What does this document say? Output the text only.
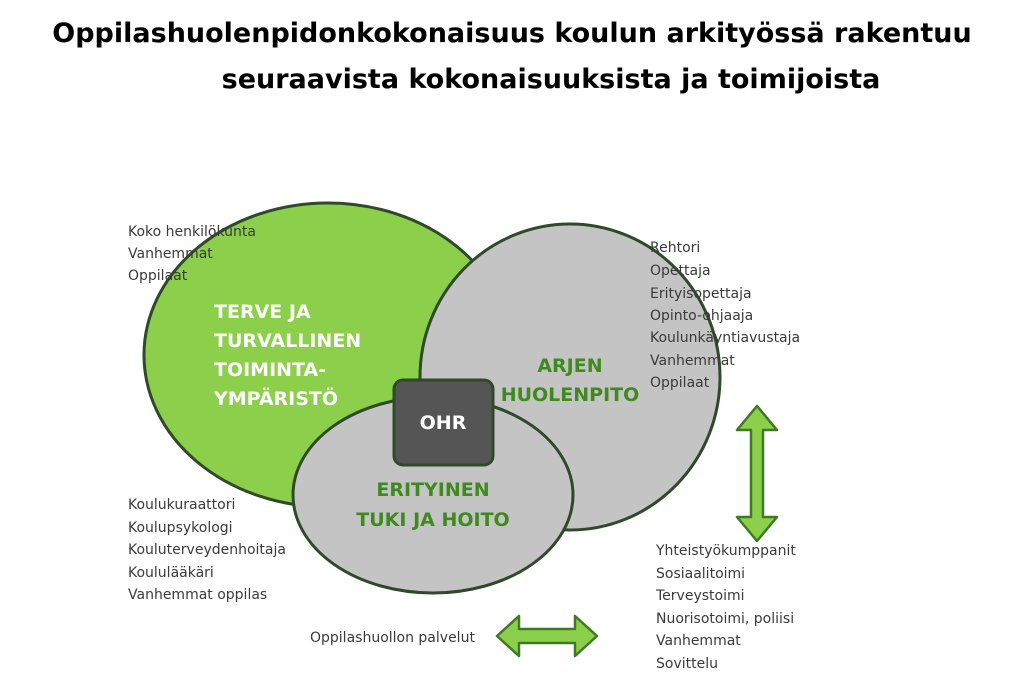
Oppilashuolenpidonkokonaisuus koulun arkityössä rakentuu
seuraavista kokonaisuuksista ja toimijoista
OHR
TERVE JA
TURVALLINEN
TOIMINTA-
YMPÄRISTÖ
ARJEN
HUOLENPITO
ERITYINEN
TUKI JA HOITO
Koko henkilökunta
Vanhemmat
Oppilaat
Rehtori
Opettaja
Erityisopettaja
Opinto-ohjaaja
Koulunkäyntiavustaja
Vanhemmat
Oppilaat
Koulukuraattori
Koulupsykologi
Kouluterveydenhoitaja
Koululääkäri
Vanhemmat oppilas
Yhteistyökumppanit
Sosiaalitoimi
Terveystoimi
Nuorisotoimi, poliisi
Vanhemmat
Sovittelu
Oppilashuollon palvelut
